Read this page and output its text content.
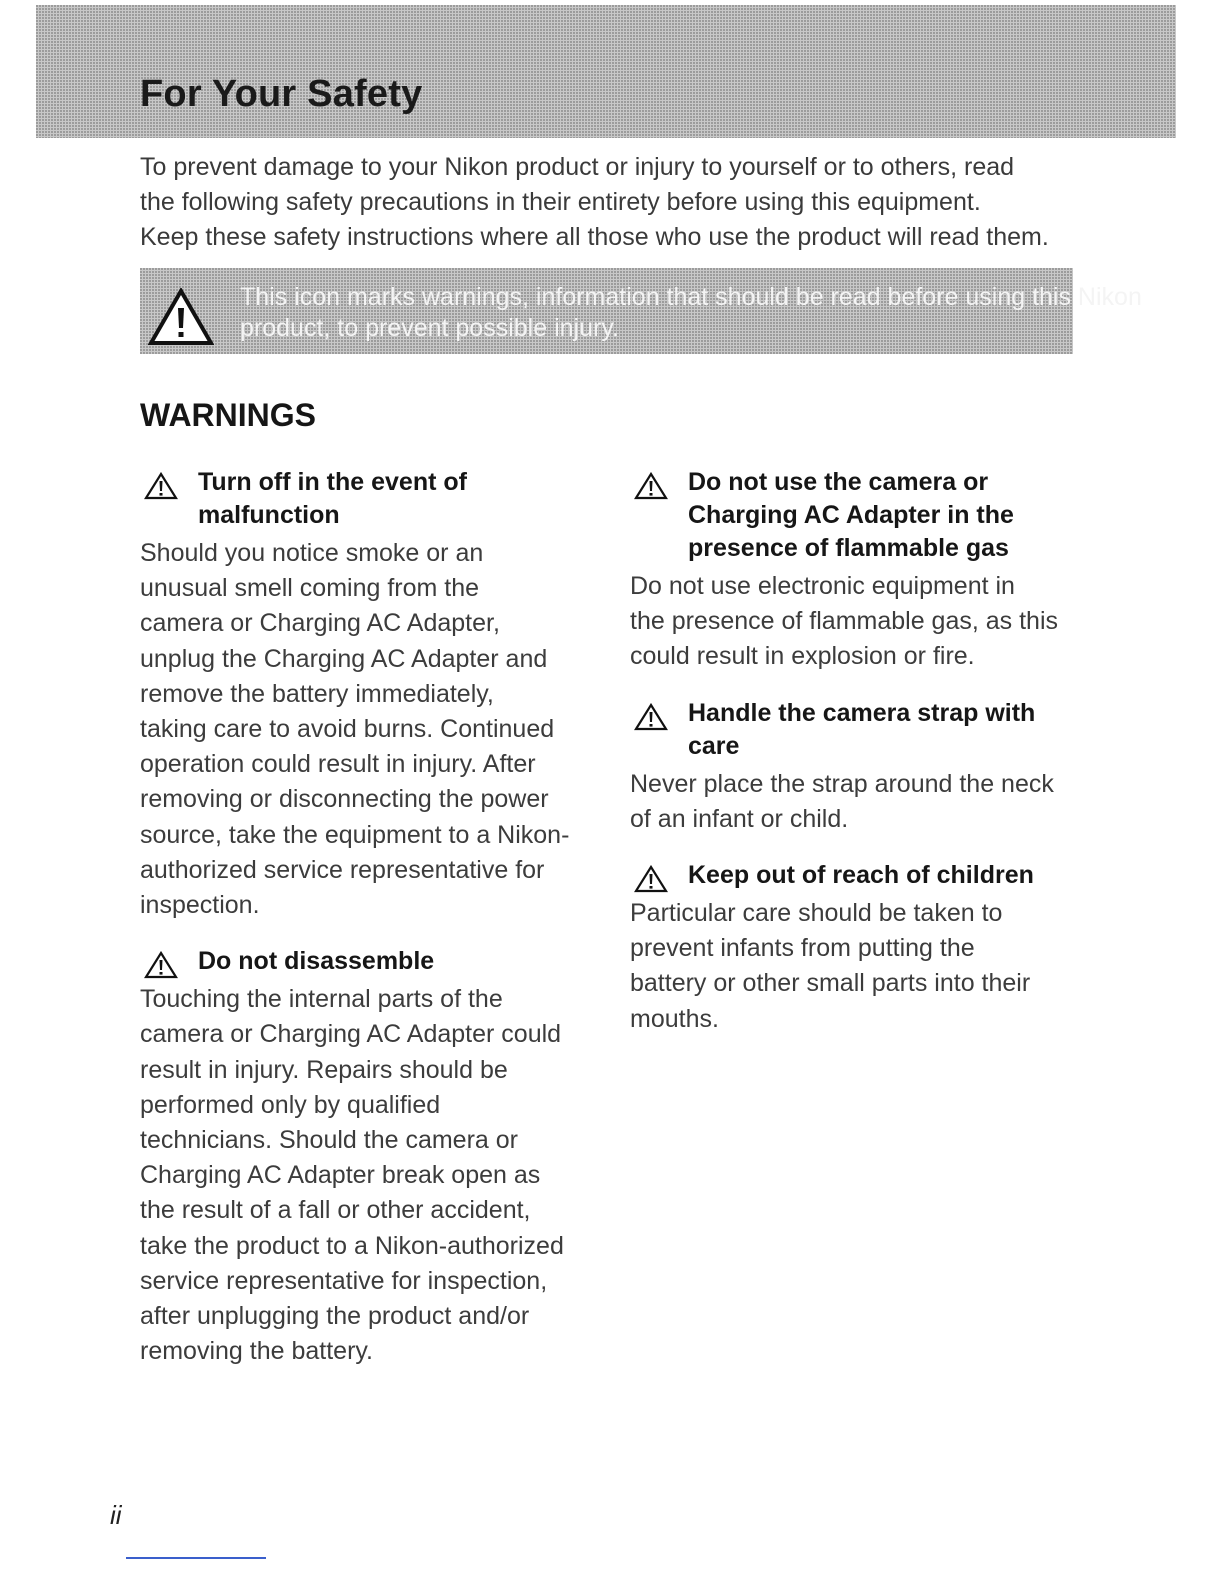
For Your Safety
To prevent damage to your Nikon product or injury to yourself or to others, read
the following safety precautions in their entirety before using this equipment.
Keep these safety instructions where all those who use the product will read them.
This icon marks warnings, information that should be read before using this Nikon
product, to prevent possible injury.
WARNINGS
Turn off in the event of
malfunction
Should you notice smoke or an
unusual smell coming from the
camera or Charging AC Adapter,
unplug the Charging AC Adapter and
remove the battery immediately,
taking care to avoid burns. Continued
operation could result in injury. After
removing or disconnecting the power
source, take the equipment to a Nikon-
authorized service representative for
inspection.
Do not disassemble
Touching the internal parts of the
camera or Charging AC Adapter could
result in injury. Repairs should be
performed only by qualified
technicians. Should the camera or
Charging AC Adapter break open as
the result of a fall or other accident,
take the product to a Nikon-authorized
service representative for inspection,
after unplugging the product and/or
removing the battery.
Do not use the camera or
Charging AC Adapter in the
presence of flammable gas
Do not use electronic equipment in
the presence of flammable gas, as this
could result in explosion or fire.
Handle the camera strap with
care
Never place the strap around the neck
of an infant or child.
Keep out of reach of children
Particular care should be taken to
prevent infants from putting the
battery or other small parts into their
mouths.
ii
